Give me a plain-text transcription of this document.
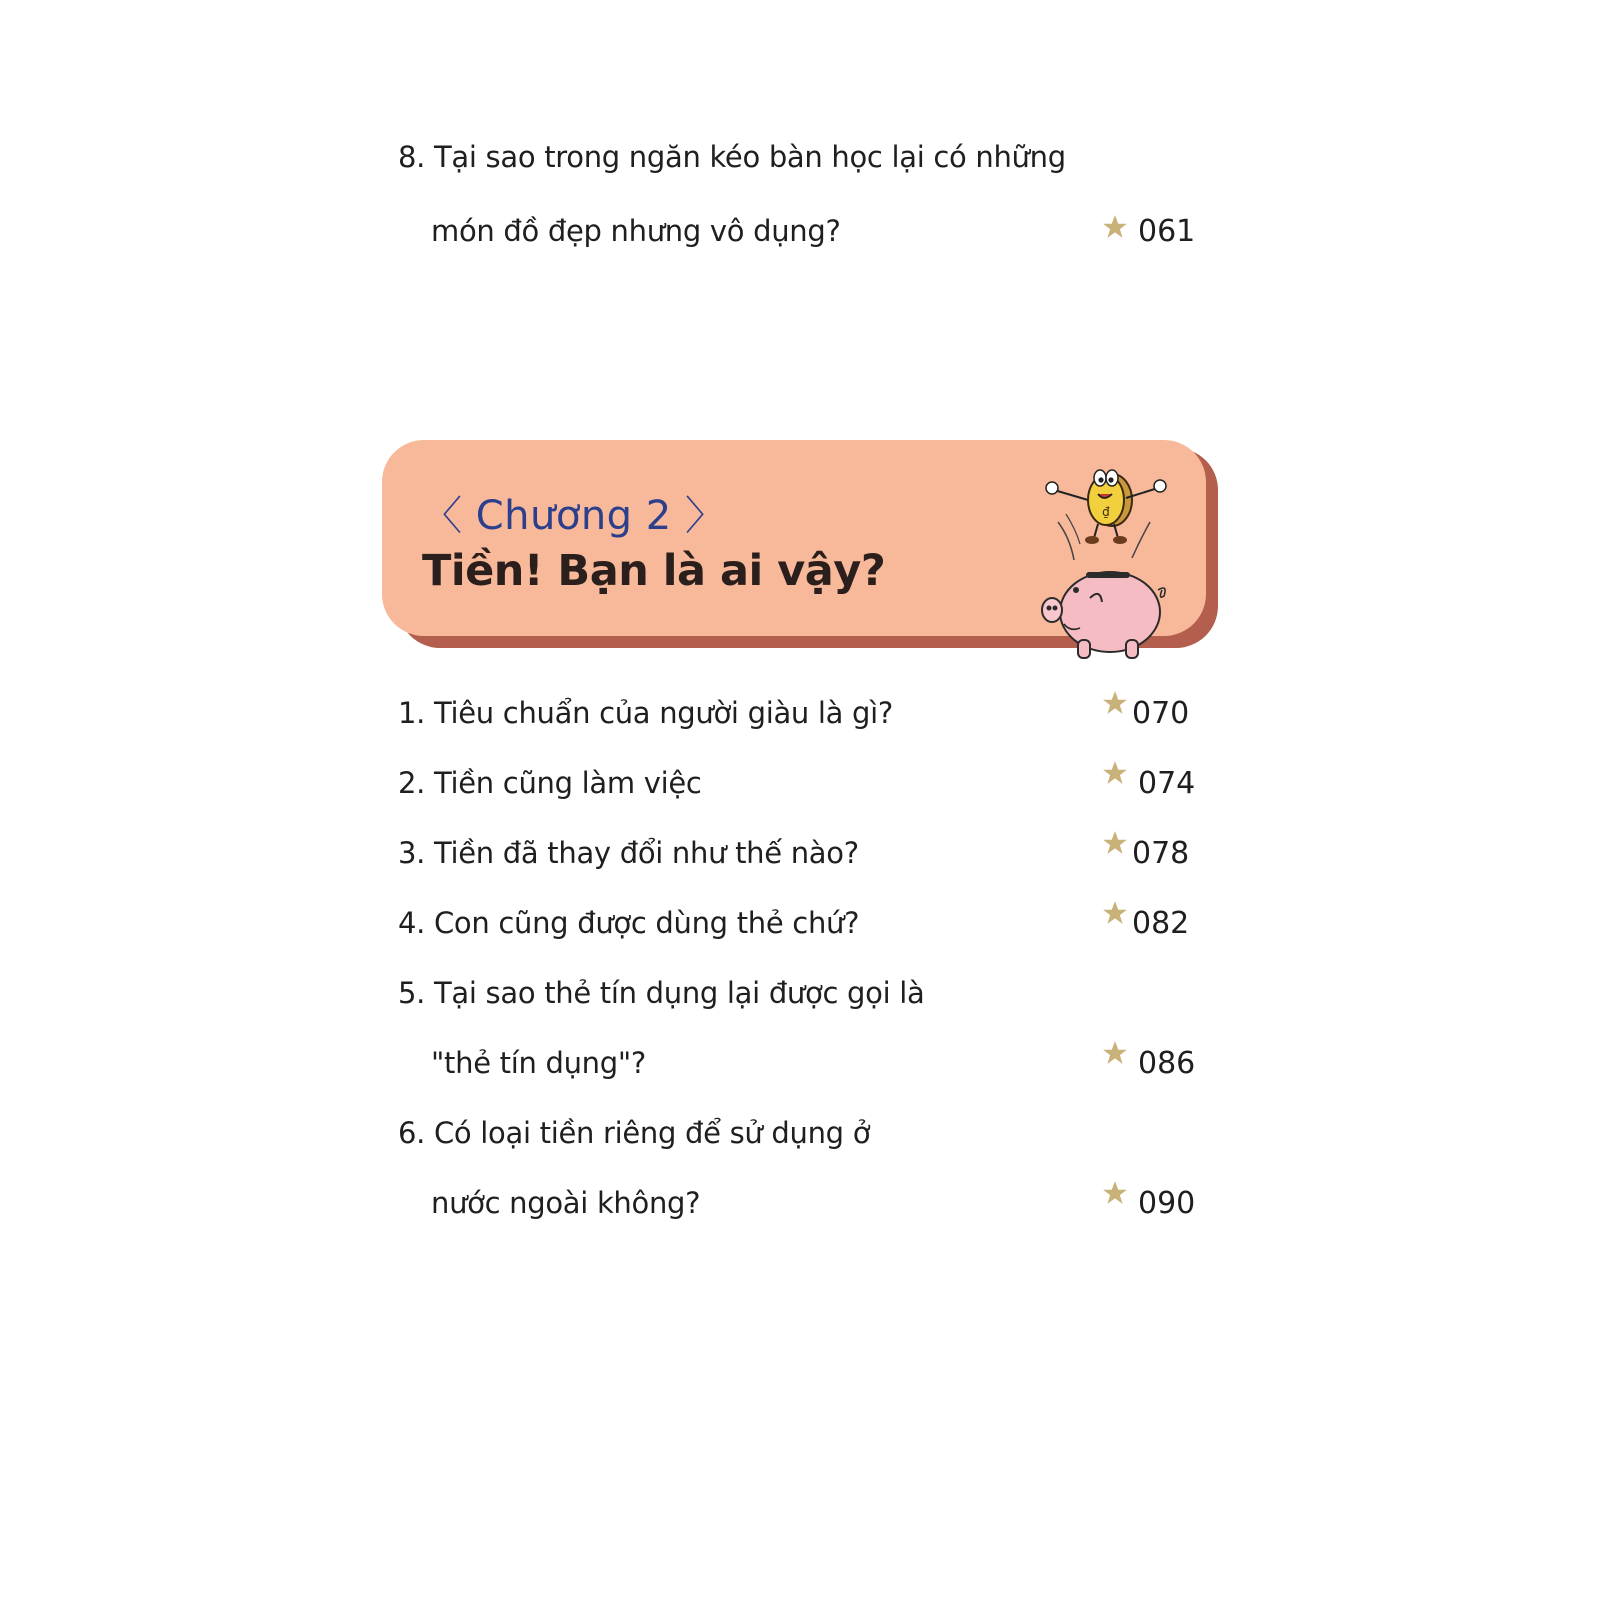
8. Tại sao trong ngăn kéo bàn học lại có những
món đồ đẹp nhưng vô dụng?	061
〈 Chương 2 〉
Tiền! Bạn là ai vậy?
₫
1. Tiêu chuẩn của người giàu là gì?	070
2. Tiền cũng làm việc	074
3. Tiền đã thay đổi như thế nào?	078
4. Con cũng được dùng thẻ chứ?	082
5. Tại sao thẻ tín dụng lại được gọi là
"thẻ tín dụng"?	086
6. Có loại tiền riêng để sử dụng ở
nước ngoài không?	090
